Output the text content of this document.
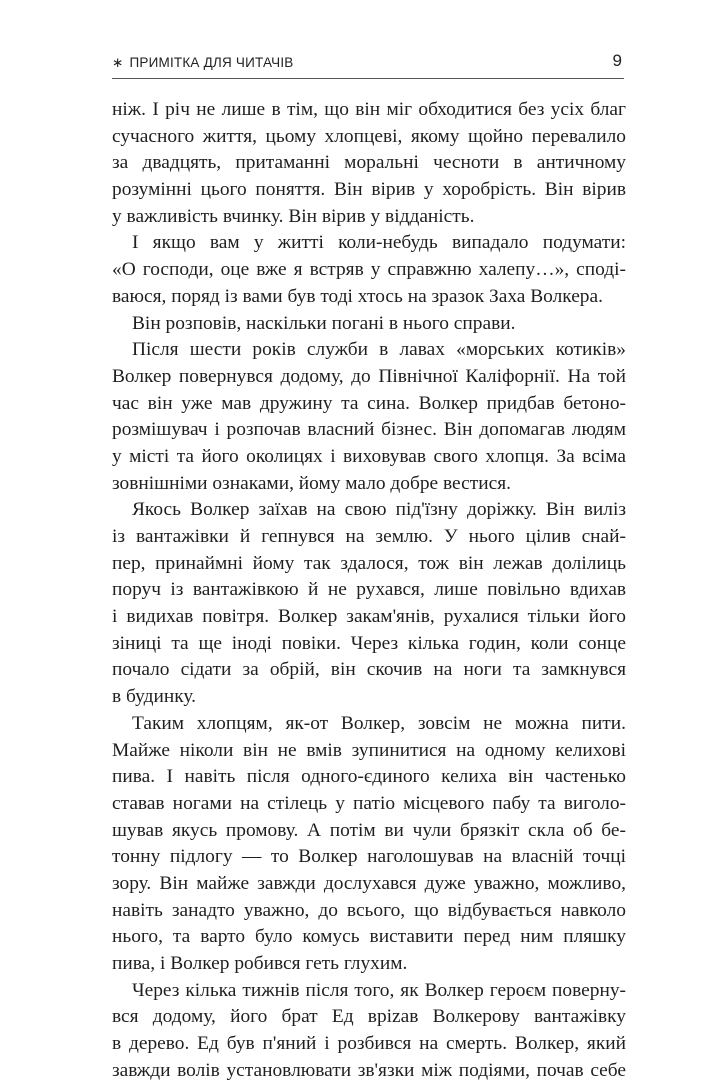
∗ ПРИМІТКА ДЛЯ ЧИТАЧІВ	9
ніж. І річ не лише в тім, що він міг обходитися без усіх благ
сучасного життя, цьому хлопцеві, якому щойно перевалило
за двадцять, притаманні моральні чесноти в античному
розумінні цього поняття. Він вірив у хоробрість. Він вірив
у важливість вчинку. Він вірив у відданість.
І якщо вам у житті коли-небудь випадало подумати:
«О господи, оце вже я встряв у справжню халепу…», споді-
ваюся, поряд із вами був тоді хтось на зразок Заха Волкера.
Він розповів, наскільки погані в нього справи.
Після шести років служби в лавах «морських котиків»
Волкер повернувся додому, до Північної Каліфорнії. На той
час він уже мав дружину та сина. Волкер придбав бетоно-
розмішувач і розпочав власний бізнес. Він допомагав людям
у місті та його околицях і виховував свого хлопця. За всіма
зовнішніми ознаками, йому мало добре вестися.
Якось Волкер заїхав на свою під'їзну доріжку. Він виліз
із вантажівки й гепнувся на землю. У нього цілив снай-
пер, принаймні йому так здалося, тож він лежав долілиць
поруч із вантажівкою й не рухався, лише повільно вдихав
і видихав повітря. Волкер закам'янів, рухалися тільки його
зіниці та ще іноді повіки. Через кілька годин, коли сонце
почало сідати за обрій, він скочив на ноги та замкнувся
в будинку.
Таким хлопцям, як-от Волкер, зовсім не можна пити.
Майже ніколи він не вмів зупинитися на одному келихові
пива. І навіть після одного-єдиного келиха він частенько
ставав ногами на стілець у патіо місцевого пабу та виголо-
шував якусь промову. А потім ви чули брязкіт скла об бе-
тонну підлогу — то Волкер наголошував на власній точці
зору. Він майже завжди дослухався дуже уважно, можливо,
навіть занадто уважно, до всього, що відбувається навколо
нього, та варто було комусь виставити перед ним пляшку
пива, і Волкер робився геть глухим.
Через кілька тижнів після того, як Волкер героєм поверну-
вся додому, його брат Ед вріzав Волкерову вантажівку
в дерево. Ед був п'яний і розбився на смерть. Волкер, який
завжди волів установлювати зв'язки між подіями, почав себе
